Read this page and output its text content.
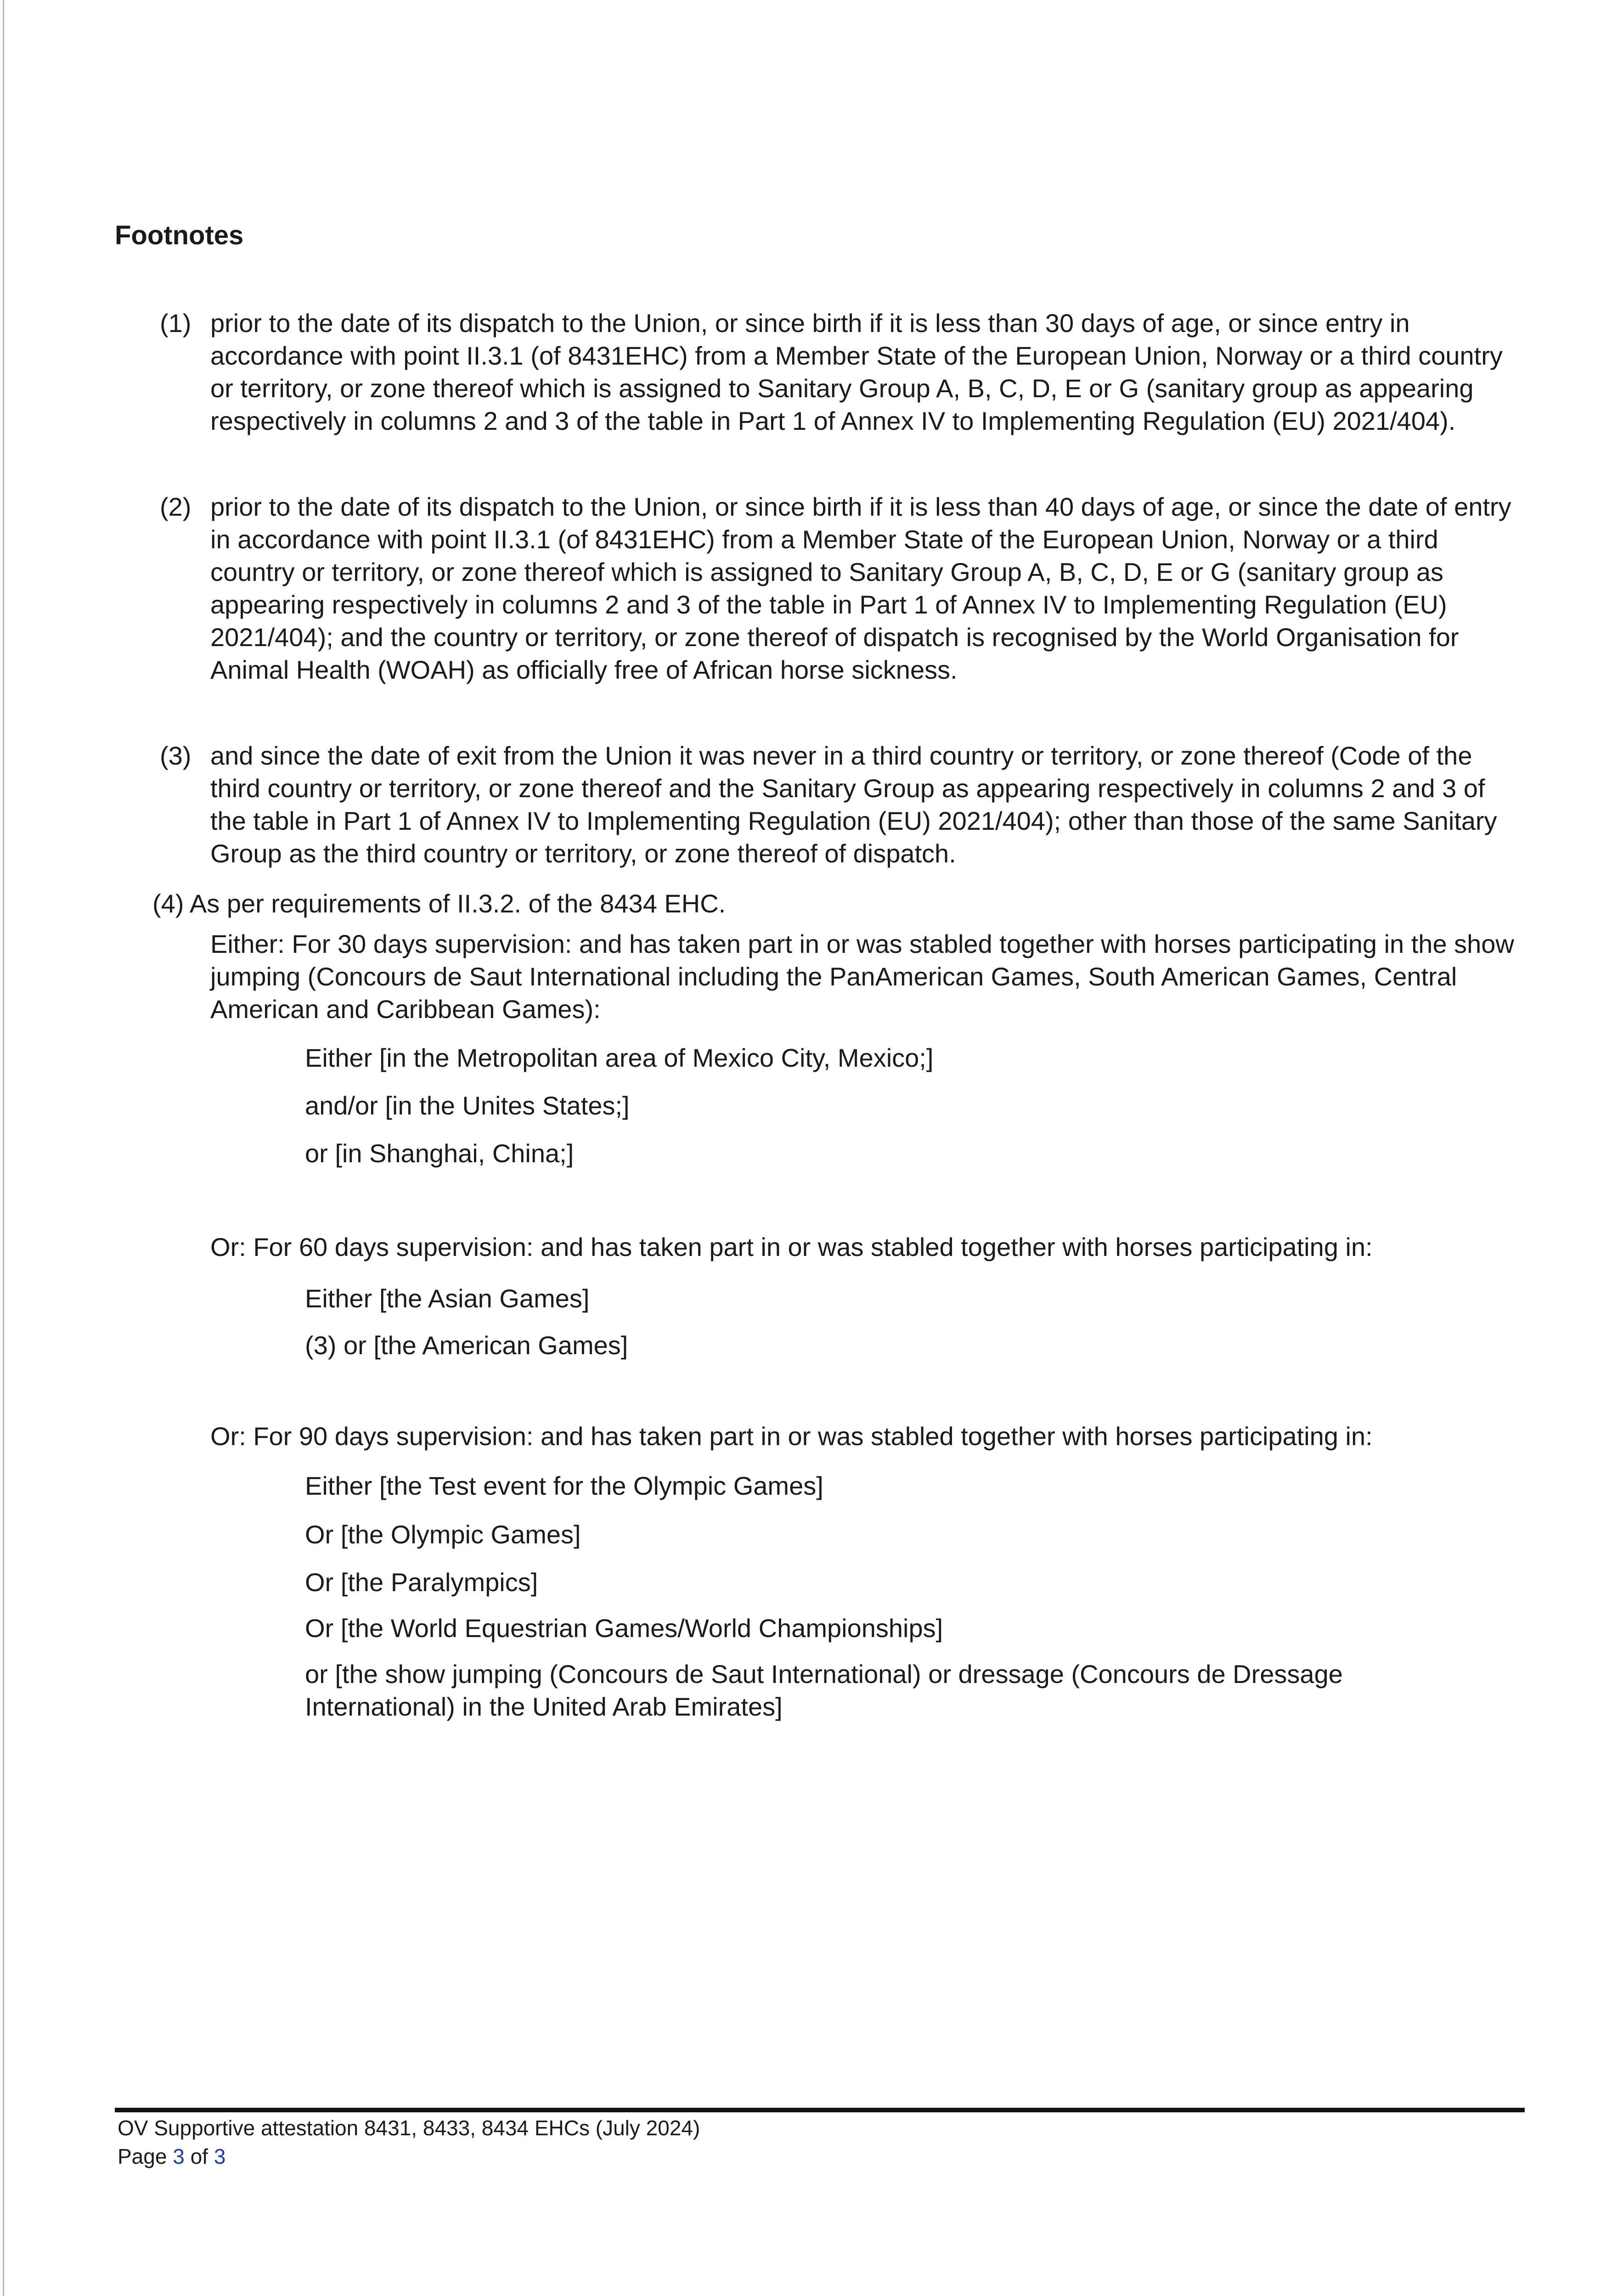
Footnotes
(1) prior to the date of its dispatch to the Union, or since birth if it is less than 30 days of age, or since entry in accordance with point II.3.1 (of 8431EHC) from a Member State of the European Union, Norway or a third country or territory, or zone thereof which is assigned to Sanitary Group A, B, C, D, E or G (sanitary group as appearing respectively in columns 2 and 3 of the table in Part 1 of Annex IV to Implementing Regulation (EU) 2021/404).
(2) prior to the date of its dispatch to the Union, or since birth if it is less than 40 days of age, or since the date of entry in accordance with point II.3.1 (of 8431EHC) from a Member State of the European Union, Norway or a third country or territory, or zone thereof which is assigned to Sanitary Group A, B, C, D, E or G (sanitary group as appearing respectively in columns 2 and 3 of the table in Part 1 of Annex IV to Implementing Regulation (EU) 2021/404); and the country or territory, or zone thereof of dispatch is recognised by the World Organisation for Animal Health (WOAH) as officially free of African horse sickness.
(3) and since the date of exit from the Union it was never in a third country or territory, or zone thereof (Code of the third country or territory, or zone thereof and the Sanitary Group as appearing respectively in columns 2 and 3 of the table in Part 1 of Annex IV to Implementing Regulation (EU) 2021/404); other than those of the same Sanitary Group as the third country or territory, or zone thereof of dispatch.
(4) As per requirements of II.3.2. of the 8434 EHC.
Either: For 30 days supervision: and has taken part in or was stabled together with horses participating in the show jumping (Concours de Saut International including the PanAmerican Games, South American Games, Central American and Caribbean Games):
Either [in the Metropolitan area of Mexico City, Mexico;]
and/or [in the Unites States;]
or [in Shanghai, China;]
Or: For 60 days supervision: and has taken part in or was stabled together with horses participating in:
Either [the Asian Games]
(3) or [the American Games]
Or: For 90 days supervision: and has taken part in or was stabled together with horses participating in:
Either [the Test event for the Olympic Games]
Or [the Olympic Games]
Or [the Paralympics]
Or [the World Equestrian Games/World Championships]
or [the show jumping (Concours de Saut International) or dressage (Concours de Dressage International) in the United Arab Emirates]
OV Supportive attestation 8431, 8433, 8434 EHCs (July 2024)
Page 3 of 3
